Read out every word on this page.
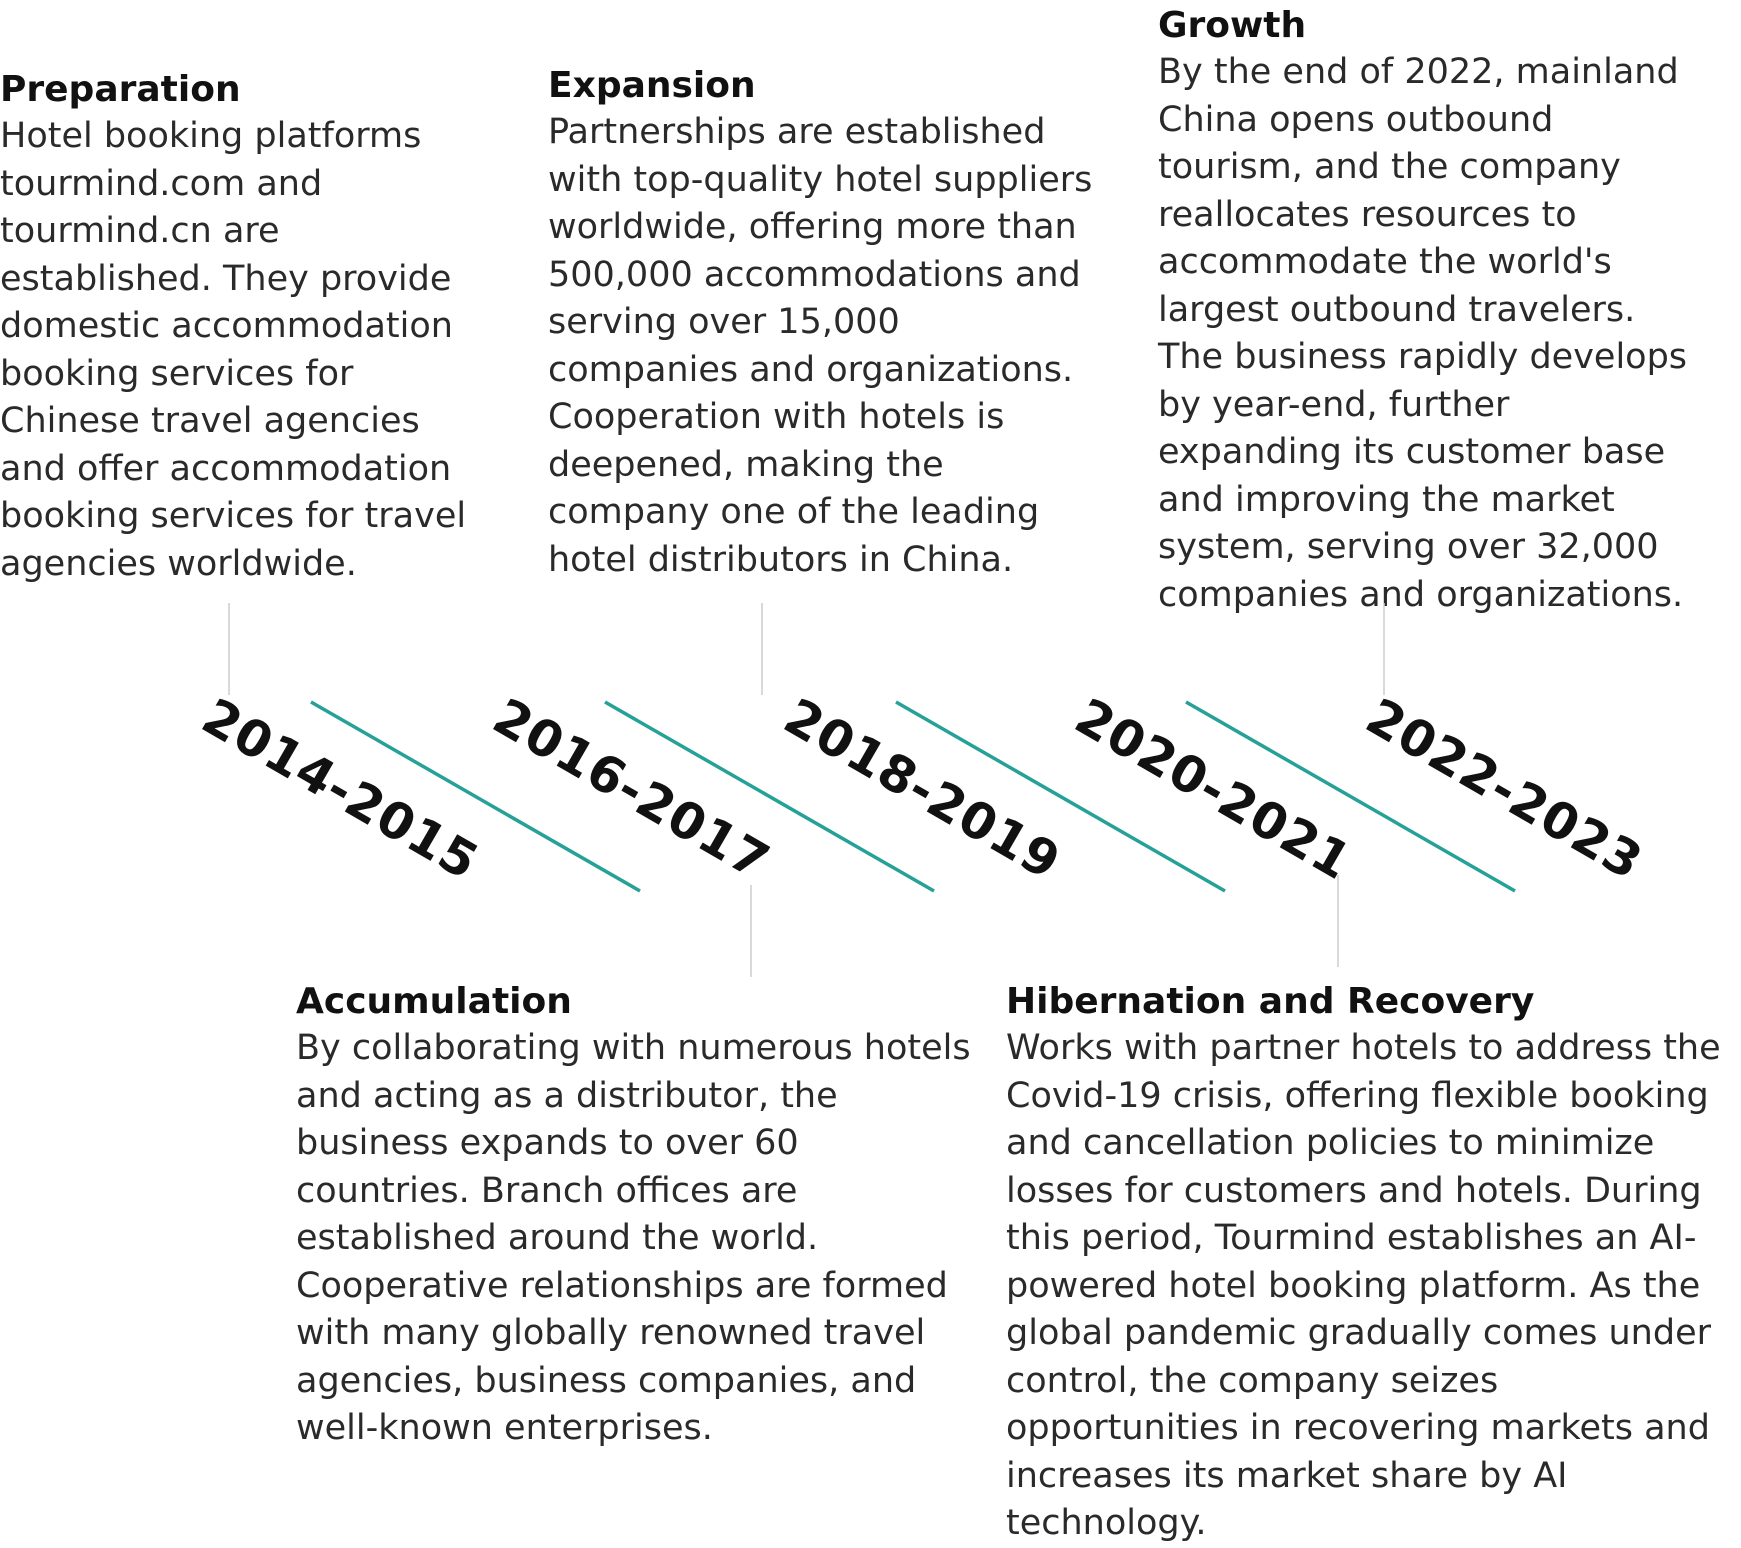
Preparation

Hotel booking platforms tourmind.com and tourmind.cn are established. They provide domestic accommodation booking services for Chinese travel agencies and offer accommodation booking services for travel agencies worldwide.

Expansion

Partnerships are established with top-quality hotel suppliers worldwide, offering more than 500,000 accommodations and serving over 15,000 companies and organizations. Cooperation with hotels is deepened, making the company one of the leading hotel distributors in China.

Growth

By the end of 2022, mainland China opens outbound tourism, and the company reallocates resources to accommodate the world's largest outbound travelers. The business rapidly develops by year-end, further expanding its customer base and improving the market system, serving over 32,000 companies and organizations.

Accumulation

By collaborating with numerous hotels and acting as a distributor, the business expands to over 60 countries. Branch offices are established around the world. Cooperative relationships are formed with many globally renowned travel agencies, business companies, and well-known enterprises.

Hibernation and Recovery

Works with partner hotels to address the Covid-19 crisis, offering flexible booking and cancellation policies to minimize losses for customers and hotels. During this period, Tourmind establishes an AI-powered hotel booking platform. As the global pandemic gradually comes under control, the company seizes opportunities in recovering markets and increases its market share by AI technology.

2014-2015
2016-2017
2018-2019
2020-2021
2022-2023
